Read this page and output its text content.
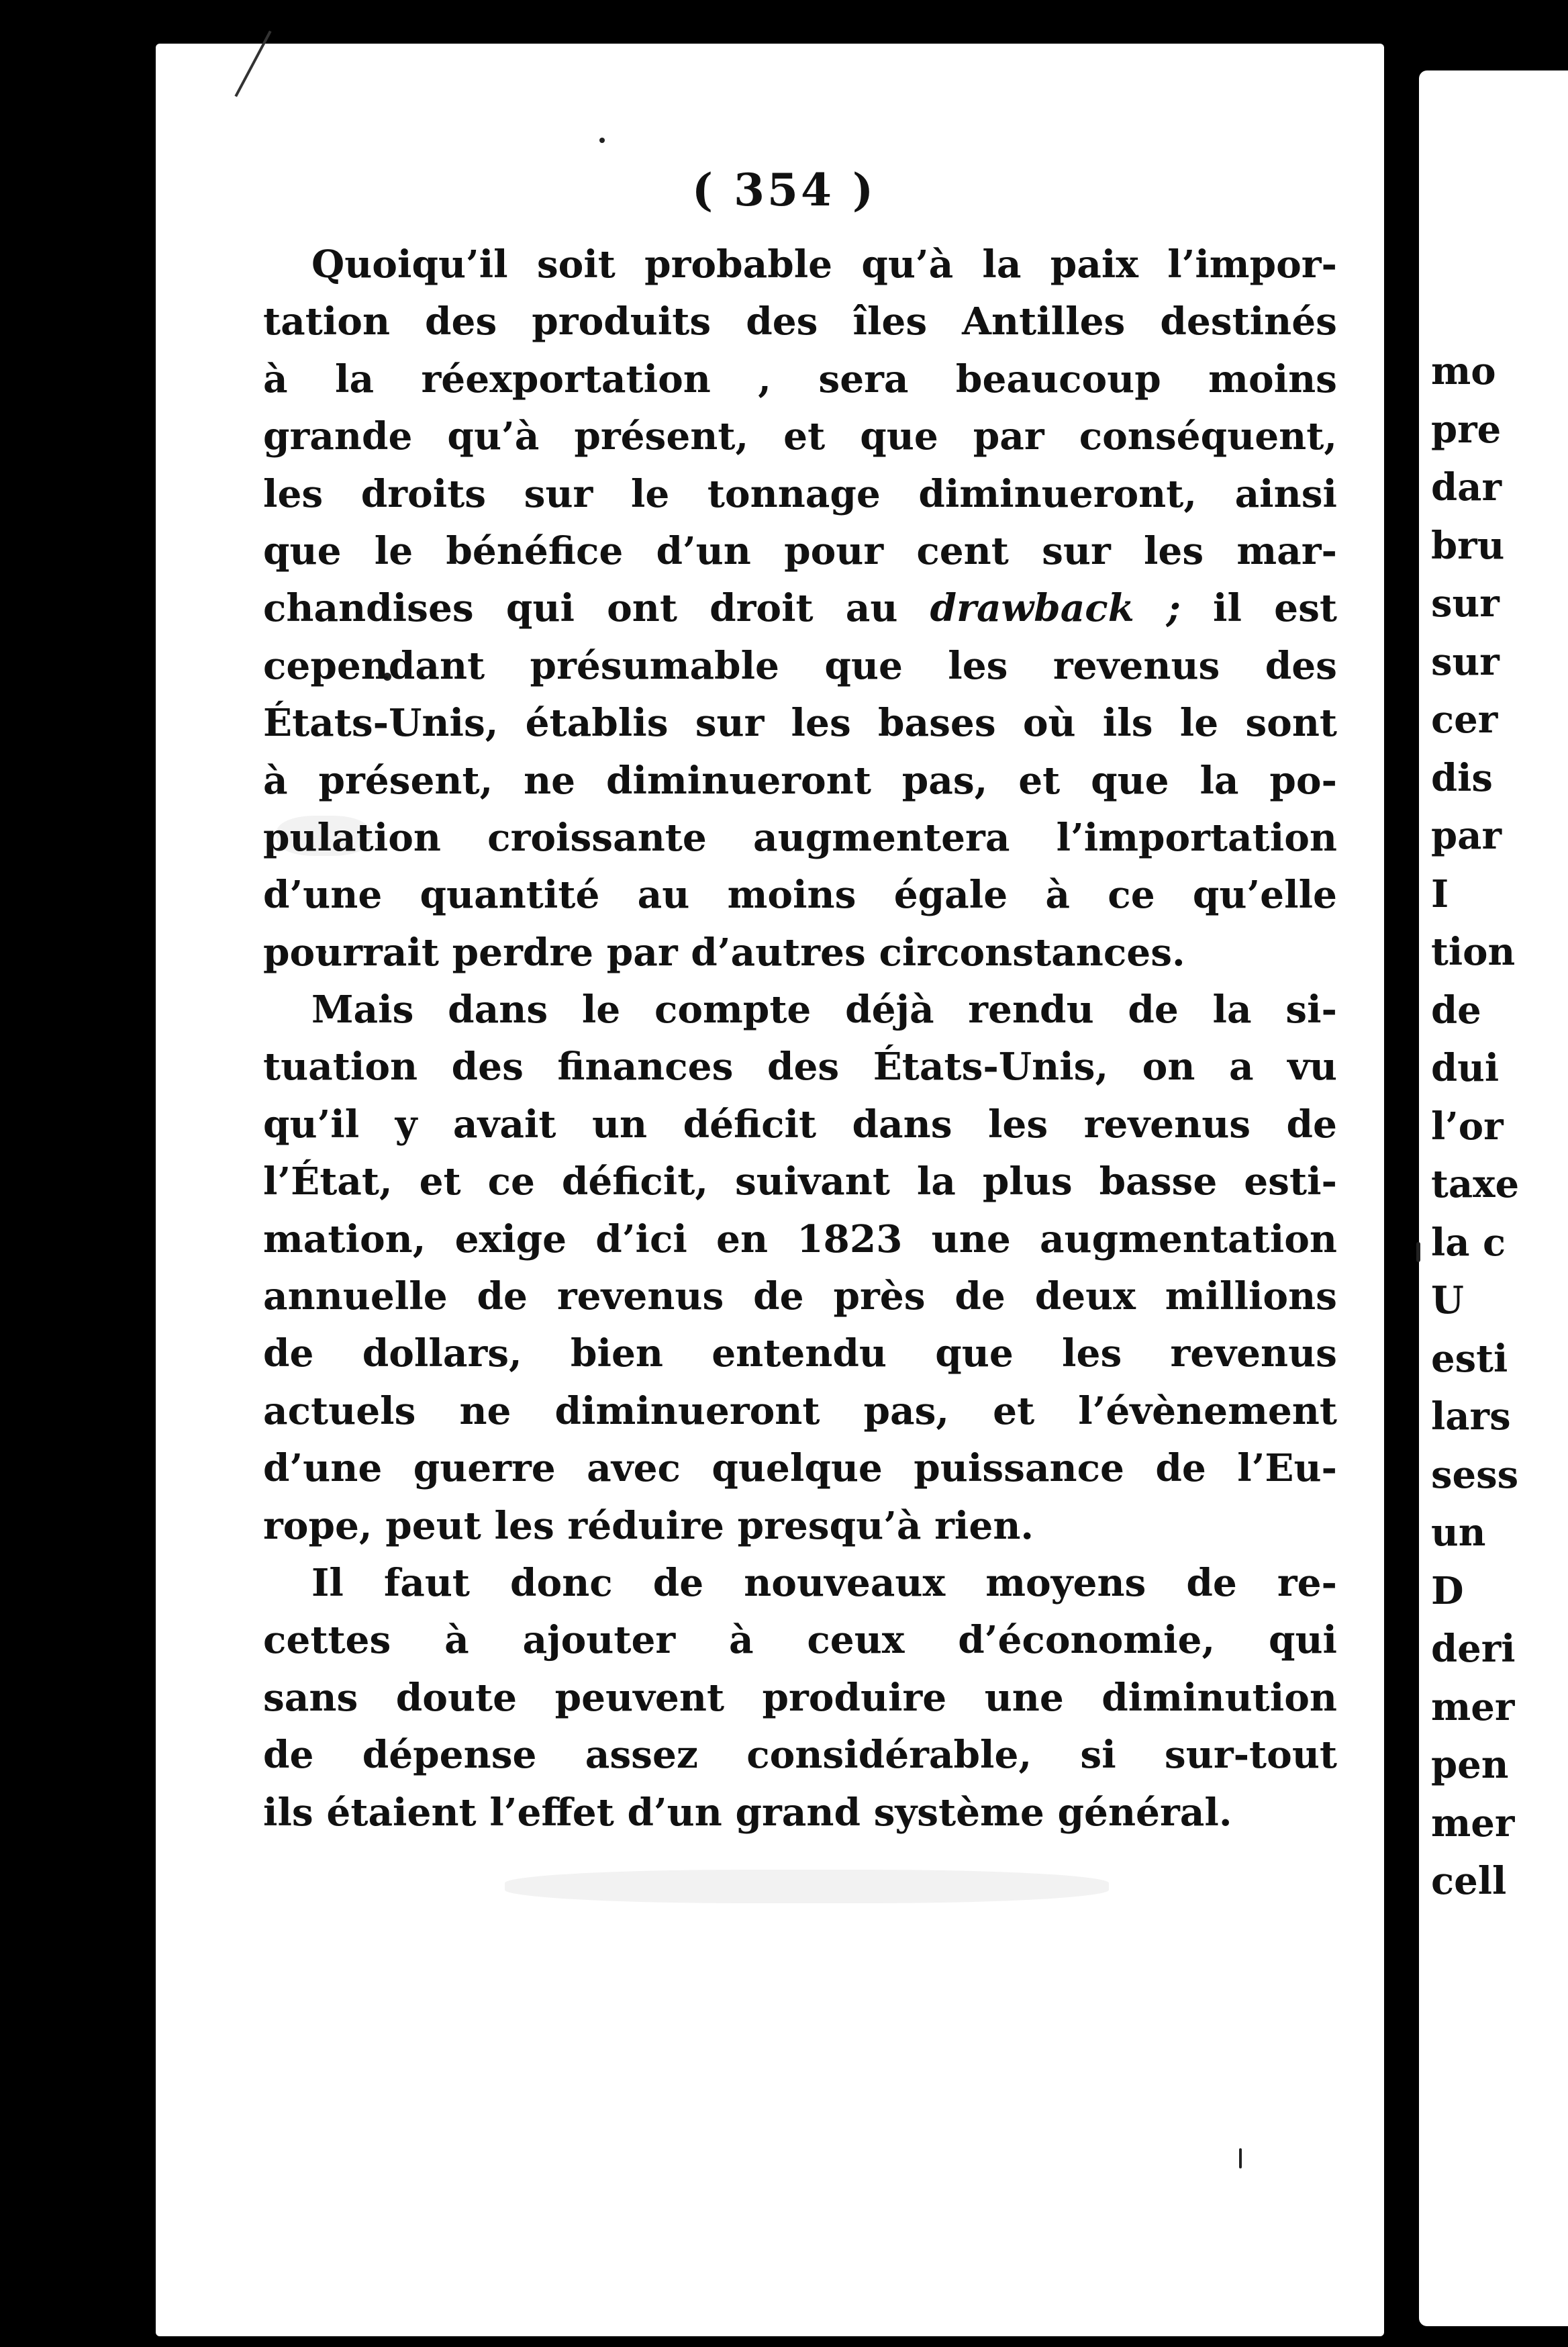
( 354 )
Quoiqu’il soit probable qu’à la paix l’impor-
tation des produits des îles Antilles destinés
à la réexportation , sera beaucoup moins
grande qu’à présent, et que par conséquent,
les droits sur le tonnage diminueront, ainsi
que le bénéfice d’un pour cent sur les mar-
chandises qui ont droit au drawback ; il est
cependant présumable que les revenus des
États-Unis, établis sur les bases où ils le sont
à présent, ne diminueront pas, et que la po-
pulation croissante augmentera l’importation
d’une quantité au moins égale à ce qu’elle
pourrait perdre par d’autres circonstances.
Mais dans le compte déjà rendu de la si-
tuation des finances des États-Unis, on a vu
qu’il y avait un déficit dans les revenus de
l’État, et ce déficit, suivant la plus basse esti-
mation, exige d’ici en 1823 une augmentation
annuelle de revenus de près de deux millions
de dollars, bien entendu que les revenus
actuels ne diminueront pas, et l’évènement
d’une guerre avec quelque puissance de l’Eu-
rope, peut les réduire presqu’à rien.
Il faut donc de nouveaux moyens de re-
cettes à ajouter à ceux d’économie, qui
sans doute peuvent produire une diminution
de dépense assez considérable, si sur-tout
ils étaient l’effet d’un grand système général.
mo
pre
dar
bru
sur
sur
cer
dis
par
I
tion
de
dui
l’or
taxe
la c
U
esti
lars
sess
un
D
deri
mer
pen
mer
cell
